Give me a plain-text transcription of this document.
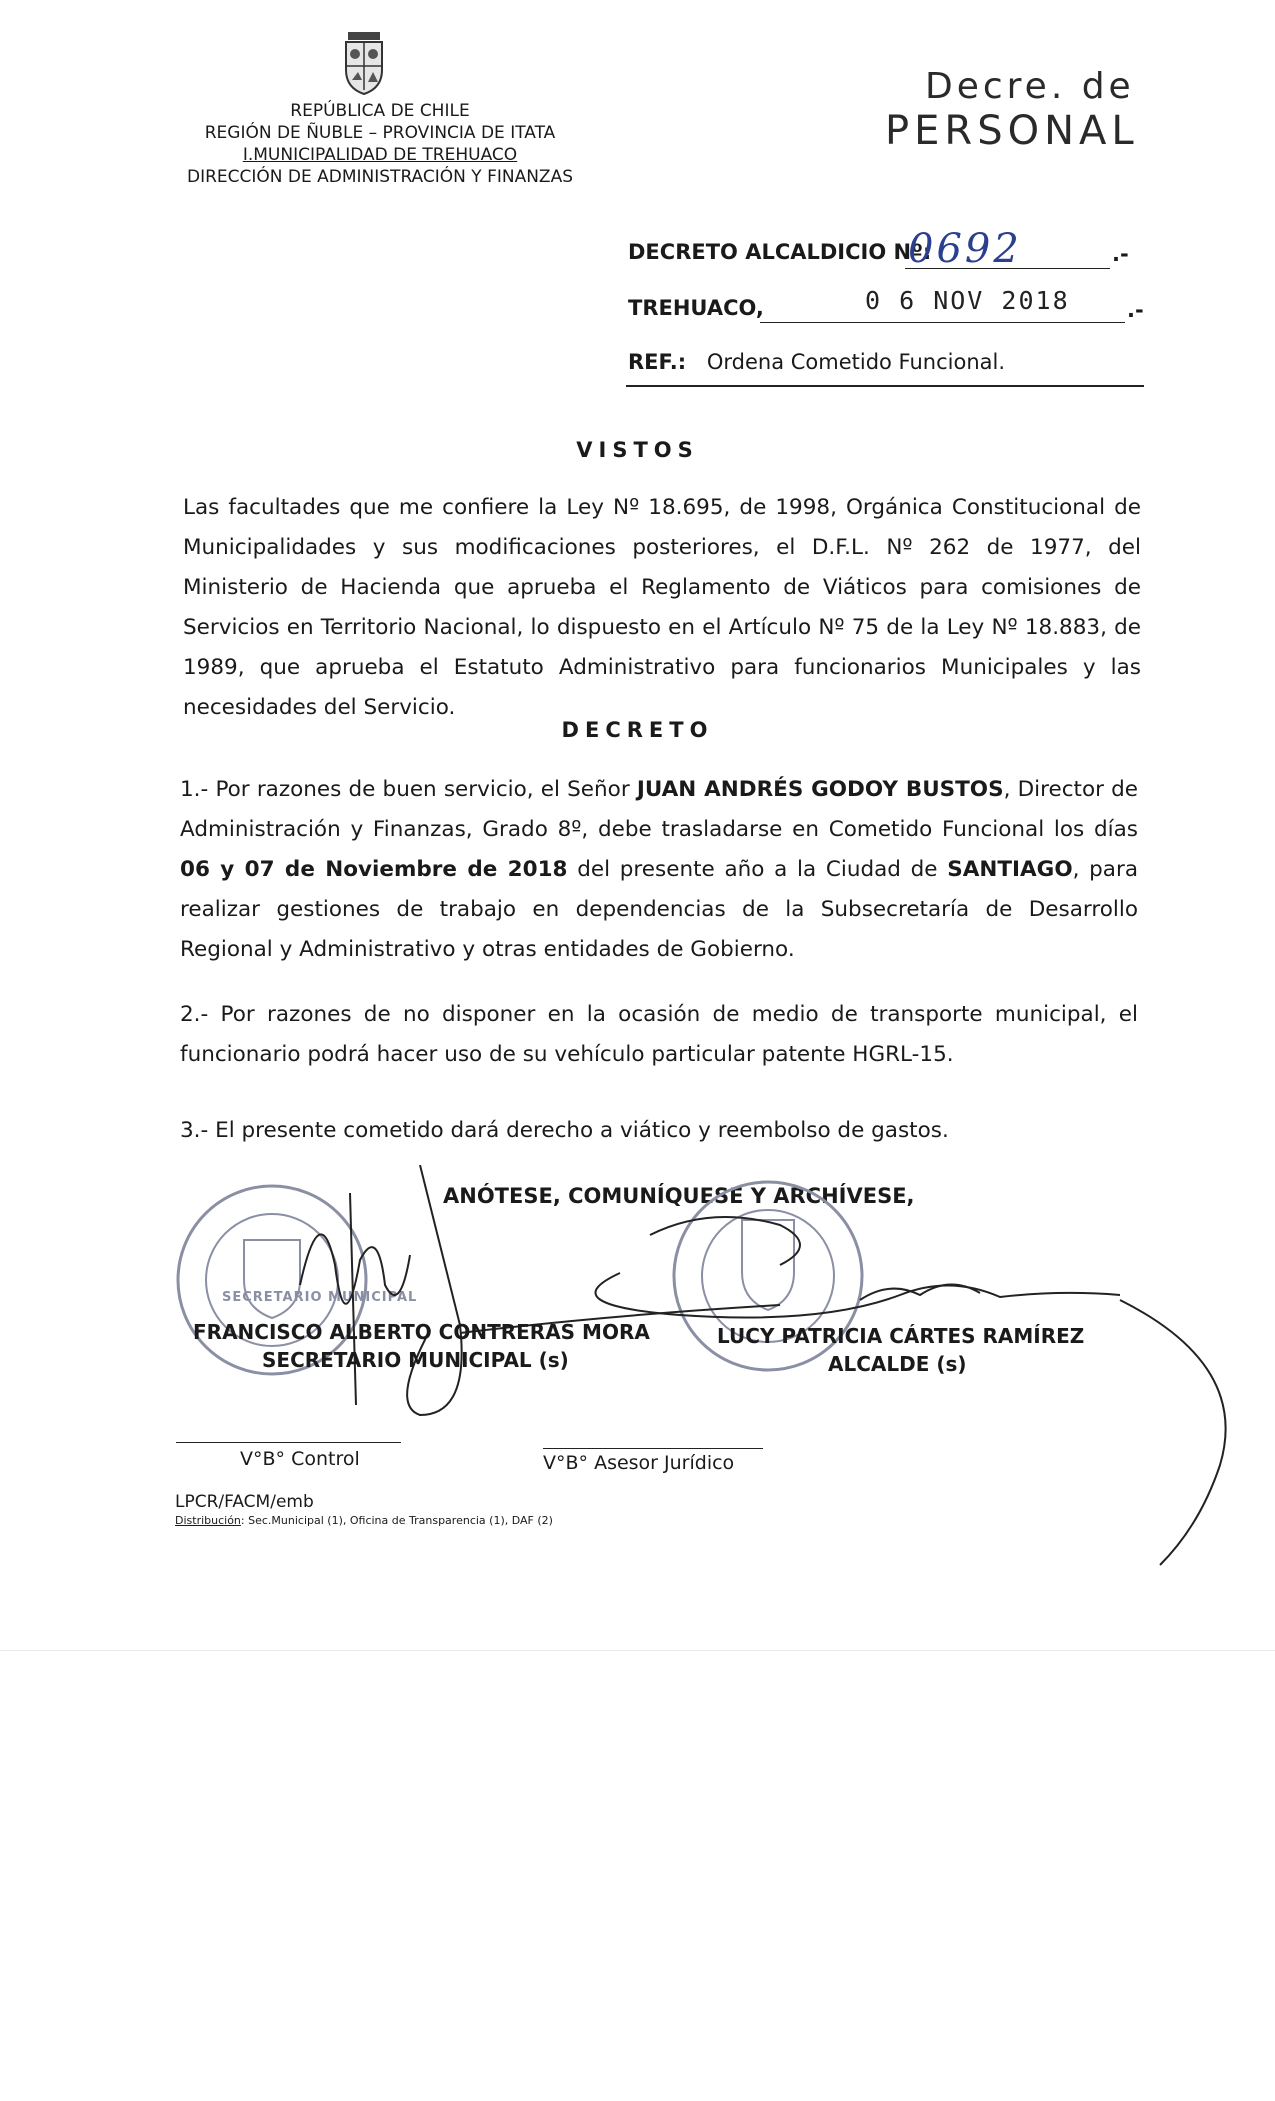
REPÚBLICA DE CHILE
REGIÓN DE ÑUBLE – PROVINCIA DE ITATA
I.MUNICIPALIDAD DE TREHUACO
DIRECCIÓN DE ADMINISTRACIÓN Y FINANZAS
Decre. de
PERSONAL
DECRETO ALCALDICIO Nº:
0692	.-
TREHUACO,	0 6 NOV 2018	.-
REF.: Ordena Cometido Funcional.
VISTOS
Las facultades que me confiere la Ley Nº 18.695, de 1998, Orgánica Constitucional de Municipalidades y sus modificaciones posteriores, el D.F.L. Nº 262 de 1977, del Ministerio de Hacienda que aprueba el Reglamento de Viáticos para comisiones de Servicios en Territorio Nacional, lo dispuesto en el Artículo Nº 75 de la Ley Nº 18.883, de 1989, que aprueba el Estatuto Administrativo para funcionarios Municipales y las necesidades del Servicio.
DECRETO
1.- Por razones de buen servicio, el Señor JUAN ANDRÉS GODOY BUSTOS, Director de Administración y Finanzas, Grado 8º, debe trasladarse en Cometido Funcional los días 06 y 07 de Noviembre de 2018 del presente año a la Ciudad de SANTIAGO, para realizar gestiones de trabajo en dependencias de la Subsecretaría de Desarrollo Regional y Administrativo y otras entidades de Gobierno.
2.- Por razones de no disponer en la ocasión de medio de transporte municipal, el funcionario podrá hacer uso de su vehículo particular patente HGRL-15.
3.- El presente cometido dará derecho a viático y reembolso de gastos.
ANÓTESE, COMUNÍQUESE Y ARCHÍVESE,
SECRETARIO MUNICIPAL
FRANCISCO ALBERTO CONTRERAS MORA
SECRETARIO MUNICIPAL (s)
LUCY PATRICIA CÁRTES RAMÍREZ
ALCALDE (s)
V°B° Control	V°B° Asesor Jurídico
LPCR/FACM/emb
Distribución: Sec.Municipal (1), Oficina de Transparencia (1), DAF (2)
